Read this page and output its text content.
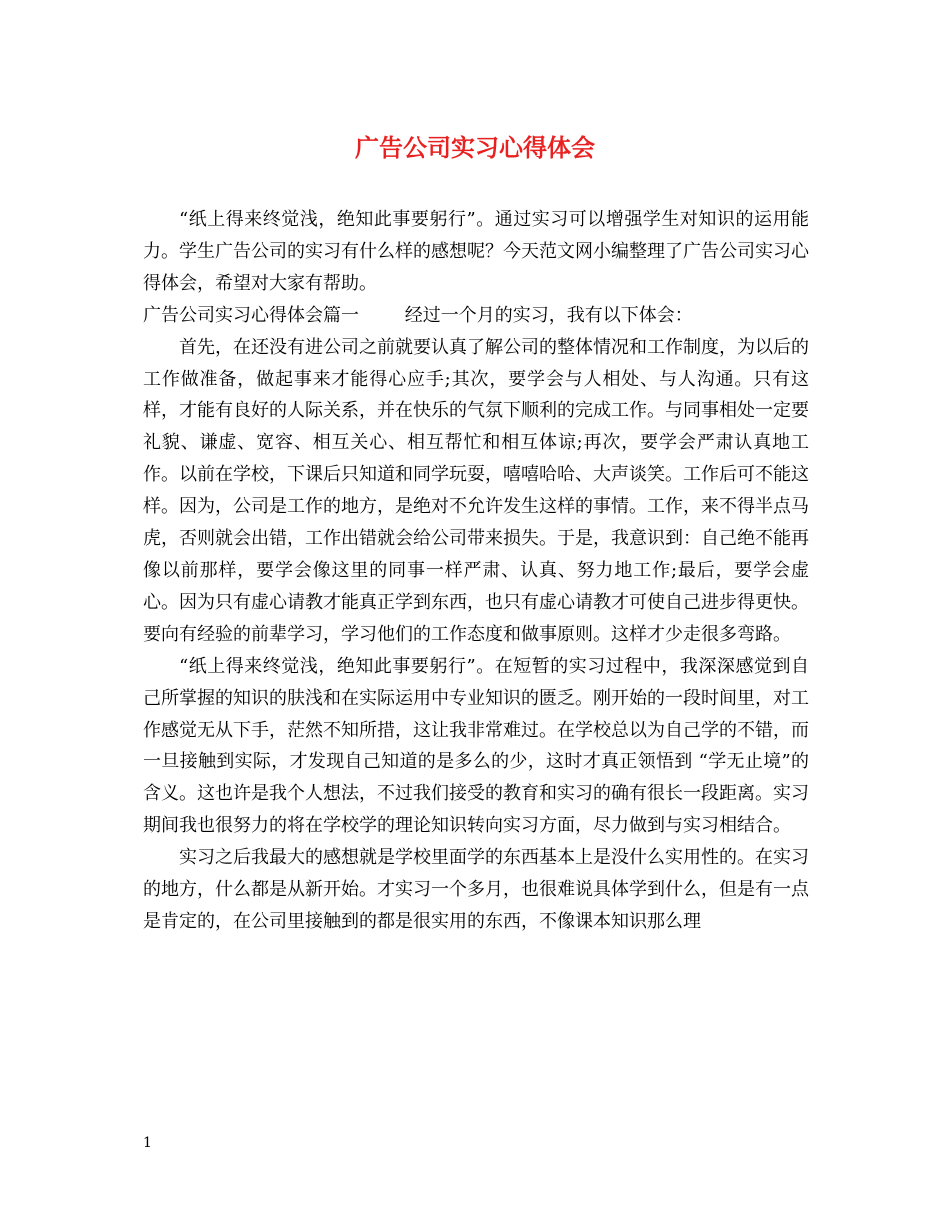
广告公司实习心得体会

“纸上得来终觉浅，绝知此事要躬行”。通过实习可以增强学生对知识的运用能力。学生广告公司的实习有什么样的感想呢？今天范文网小编整理了广告公司实习心得体会，希望对大家有帮助。

广告公司实习心得体会篇一	经过一个月的实习，我有以下体会：

首先，在还没有进公司之前就要认真了解公司的整体情况和工作制度，为以后的工作做准备，做起事来才能得心应手;其次，要学会与人相处、与人沟通。只有这样，才能有良好的人际关系，并在快乐的气氛下顺利的完成工作。与同事相处一定要礼貌、谦虚、宽容、相互关心、相互帮忙和相互体谅;再次，要学会严肃认真地工作。以前在学校，下课后只知道和同学玩耍，嘻嘻哈哈、大声谈笑。工作后可不能这样。因为，公司是工作的地方，是绝对不允许发生这样的事情。工作，来不得半点马虎，否则就会出错，工作出错就会给公司带来损失。于是，我意识到：自己绝不能再像以前那样，要学会像这里的同事一样严肃、认真、努力地工作;最后，要学会虚心。因为只有虚心请教才能真正学到东西，也只有虚心请教才可使自己进步得更快。要向有经验的前辈学习，学习他们的工作态度和做事原则。这样才少走很多弯路。

“纸上得来终觉浅，绝知此事要躬行”。在短暂的实习过程中，我深深感觉到自己所掌握的知识的肤浅和在实际运用中专业知识的匮乏。刚开始的一段时间里，对工作感觉无从下手，茫然不知所措，这让我非常难过。在学校总以为自己学的不错，而一旦接触到实际，才发现自己知道的是多么的少，这时才真正领悟到 “学无止境”的含义。这也许是我个人想法，不过我们接受的教育和实习的确有很长一段距离。实习期间我也很努力的将在学校学的理论知识转向实习方面，尽力做到与实习相结合。

实习之后我最大的感想就是学校里面学的东西基本上是没什么实用性的。在实习的地方，什么都是从新开始。才实习一个多月，也很难说具体学到什么，但是有一点是肯定的，在公司里接触到的都是很实用的东西，不像课本知识那么理

1
